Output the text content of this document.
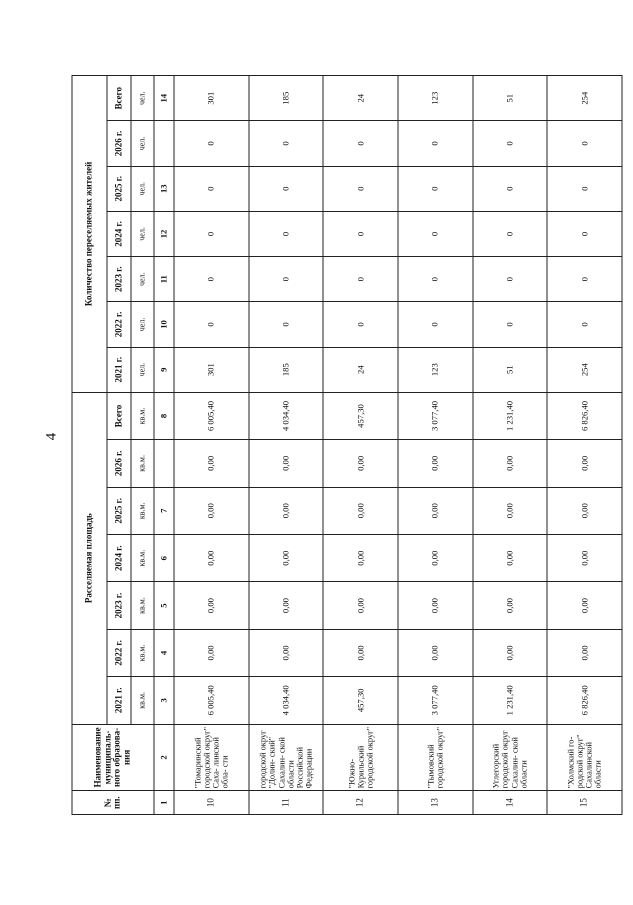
4
№ пп.	Наименование муниципаль- ного образова- ния	Расселяемая площадь							Количество переселяемых жителей						
		2021 г.	2022 г.	2023 г.	2024 г.	2025 г.	2026 г.	Всего	2021 г.	2022 г.	2023 г.	2024 г.	2025 г.	2026 г.	Всего
		кв.м.	кв.м.	кв.м.	кв.м.	кв.м.	кв.м.	кв.м.	чел.	чел.	чел.	чел.	чел.	чел.	чел.
1	2	3	4	5	6	7		8	9	10	11	12	13		14
10	"Томаринский городской округ" Саха- линской обла- сти	6 005,40	0,00	0,00	0,00	0,00	0,00	6 005,40	301	0	0	0	0	0	301
11	городской округ "Долин- ский" Сахалин- ской области Российской Федерации	4 034,40	0,00	0,00	0,00	0,00	0,00	4 034,40	185	0	0	0	0	0	185
12	"Южно- Курильский городской округ"	457,30	0,00	0,00	0,00	0,00	0,00	457,30	24	0	0	0	0	0	24
13	"Тымовский городской округ"	3 077,40	0,00	0,00	0,00	0,00	0,00	3 077,40	123	0	0	0	0	0	123
14	Углегорский городской округ Сахалин- ской области	1 231,40	0,00	0,00	0,00	0,00	0,00	1 231,40	51	0	0	0	0	0	51
15	"Холмский го- родской округ" Сахалинской области	6 826,40	0,00	0,00	0,00	0,00	0,00	6 826,40	254	0	0	0	0	0	254
